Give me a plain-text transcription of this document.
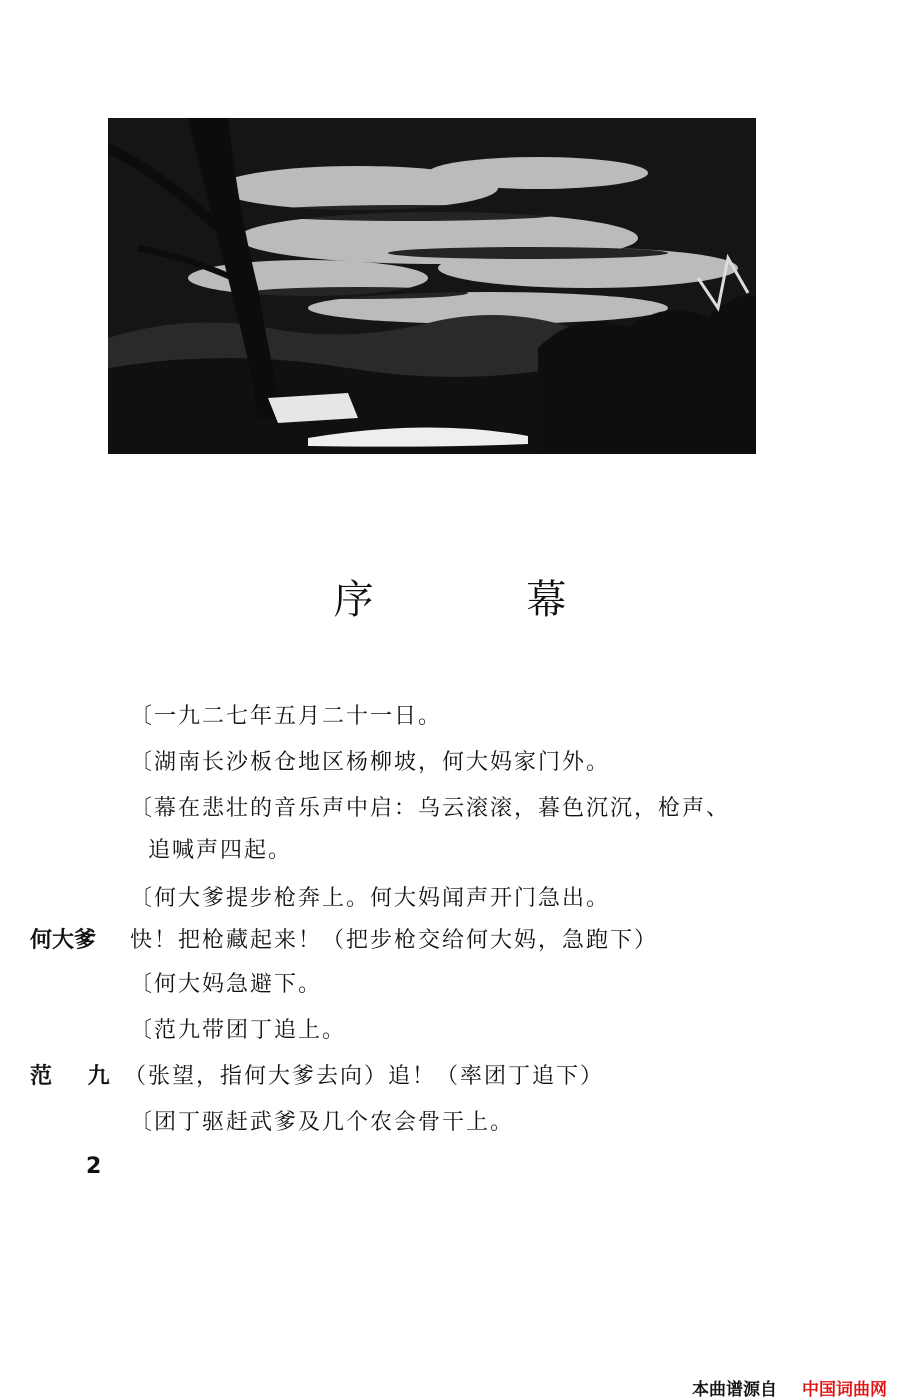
序 幕
〔一九二七年五月二十一日。
〔湖南长沙板仓地区杨柳坡，何大妈家门外。
〔幕在悲壮的音乐声中启：乌云滚滚，暮色沉沉，枪声、
追喊声四起。
〔何大爹提步枪奔上。何大妈闻声开门急出。
何大爹 快！把枪藏起来！（把步枪交给何大妈，急跑下）
〔何大妈急避下。
〔范九带团丁追上。
范 九 （张望，指何大爹去向）追！（率团丁追下）
〔团丁驱赶武爹及几个农会骨干上。
2
本曲谱源自 中国词曲网
